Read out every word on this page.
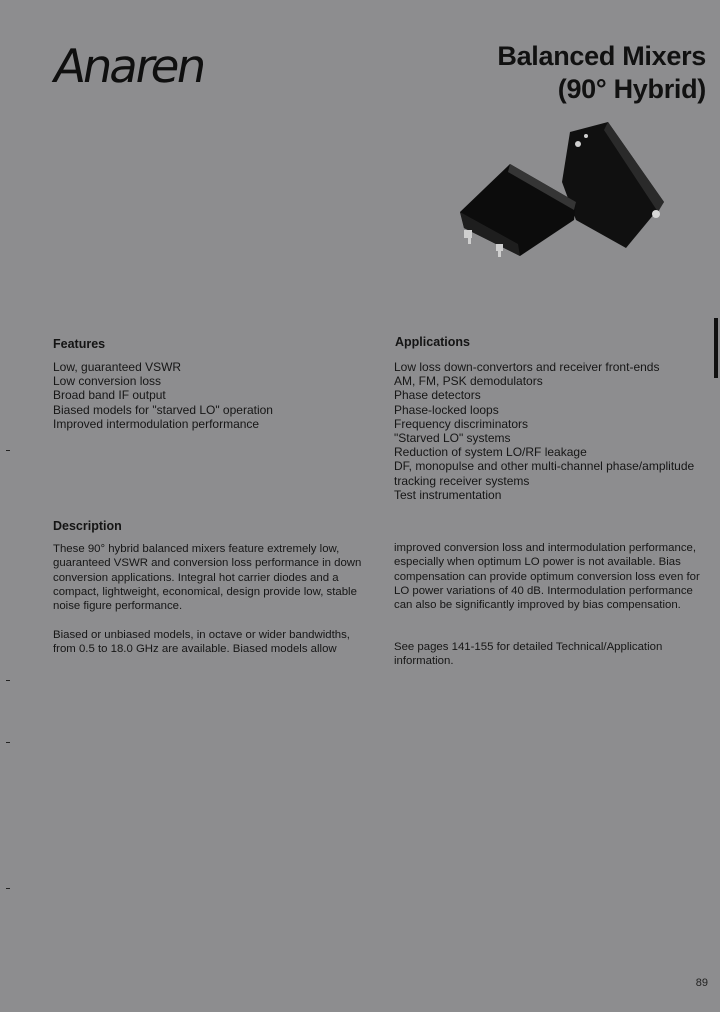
Anaren	Balanced Mixers
(90° Hybrid)
Features
Low, guaranteed VSWR
Low conversion loss
Broad band IF output
Biased models for "starved LO" operation
Improved intermodulation performance
Applications
Low loss down-convertors and receiver front-ends
AM, FM, PSK demodulators
Phase detectors
Phase-locked loops
Frequency discriminators
"Starved LO" systems
Reduction of system LO/RF leakage
DF, monopulse and other multi-channel phase/amplitude
tracking receiver systems
Test instrumentation
Description

These 90° hybrid balanced mixers feature extremely low, guaranteed VSWR and conversion loss performance in down conversion applications. Integral hot carrier diodes and a compact, lightweight, economical, design provide low, stable noise figure performance.

Biased or unbiased models, in octave or wider bandwidths, from 0.5 to 18.0 GHz are available. Biased models allow

improved conversion loss and intermodulation performance, especially when optimum LO power is not available. Bias compensation can provide optimum conversion loss even for LO power variations of 40 dB. Intermodulation performance can also be significantly improved by bias compensation.

See pages 141-155 for detailed Technical/Application information.

89
